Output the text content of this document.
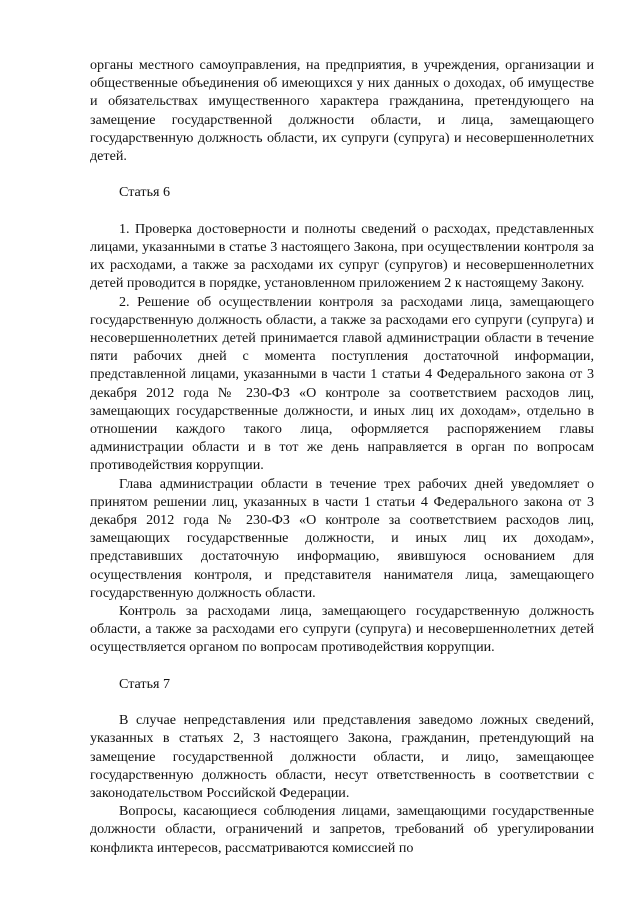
органы местного самоуправления, на предприятия, в учреждения, организации и общественные объединения об имеющихся у них данных о доходах, об имуществе и обязательствах имущественного характера гражданина, претендующего на замещение государственной должности области, и лица, замещающего государственную должность области, их супруги (супруга) и несовершеннолетних детей.

Статья 6

1. Проверка достоверности и полноты сведений о расходах, представленных лицами, указанными в статье 3 настоящего Закона, при осуществлении контроля за их расходами, а также за расходами их супруг (супругов) и несовершеннолетних детей проводится в порядке, установленном приложением 2 к настоящему Закону.

2. Решение об осуществлении контроля за расходами лица, замещающего государственную должность области, а также за расходами его супруги (супруга) и несовершеннолетних детей принимается главой администрации области в течение пяти рабочих дней с момента поступления достаточной информации, представленной лицами, указанными в части 1 статьи 4 Федерального закона от 3 декабря 2012 года № 230-ФЗ «О контроле за соответствием расходов лиц, замещающих государственные должности, и иных лиц их доходам», отдельно в отношении каждого такого лица, оформляется распоряжением главы администрации области и в тот же день направляется в орган по вопросам противодействия коррупции.

Глава администрации области в течение трех рабочих дней уведомляет о принятом решении лиц, указанных в части 1 статьи 4 Федерального закона от 3 декабря 2012 года № 230-ФЗ «О контроле за соответствием расходов лиц, замещающих государственные должности, и иных лиц их доходам», представивших достаточную информацию, явившуюся основанием для осуществления контроля, и представителя нанимателя лица, замещающего государственную должность области.

Контроль за расходами лица, замещающего государственную должность области, а также за расходами его супруги (супруга) и несовершеннолетних детей осуществляется органом по вопросам противодействия коррупции.

Статья 7

В случае непредставления или представления заведомо ложных сведений, указанных в статьях 2, 3 настоящего Закона, гражданин, претендующий на замещение государственной должности области, и лицо, замещающее государственную должность области, несут ответственность в соответствии с законодательством Российской Федерации.

Вопросы, касающиеся соблюдения лицами, замещающими государственные должности области, ограничений и запретов, требований об урегулировании конфликта интересов, рассматриваются комиссией по
